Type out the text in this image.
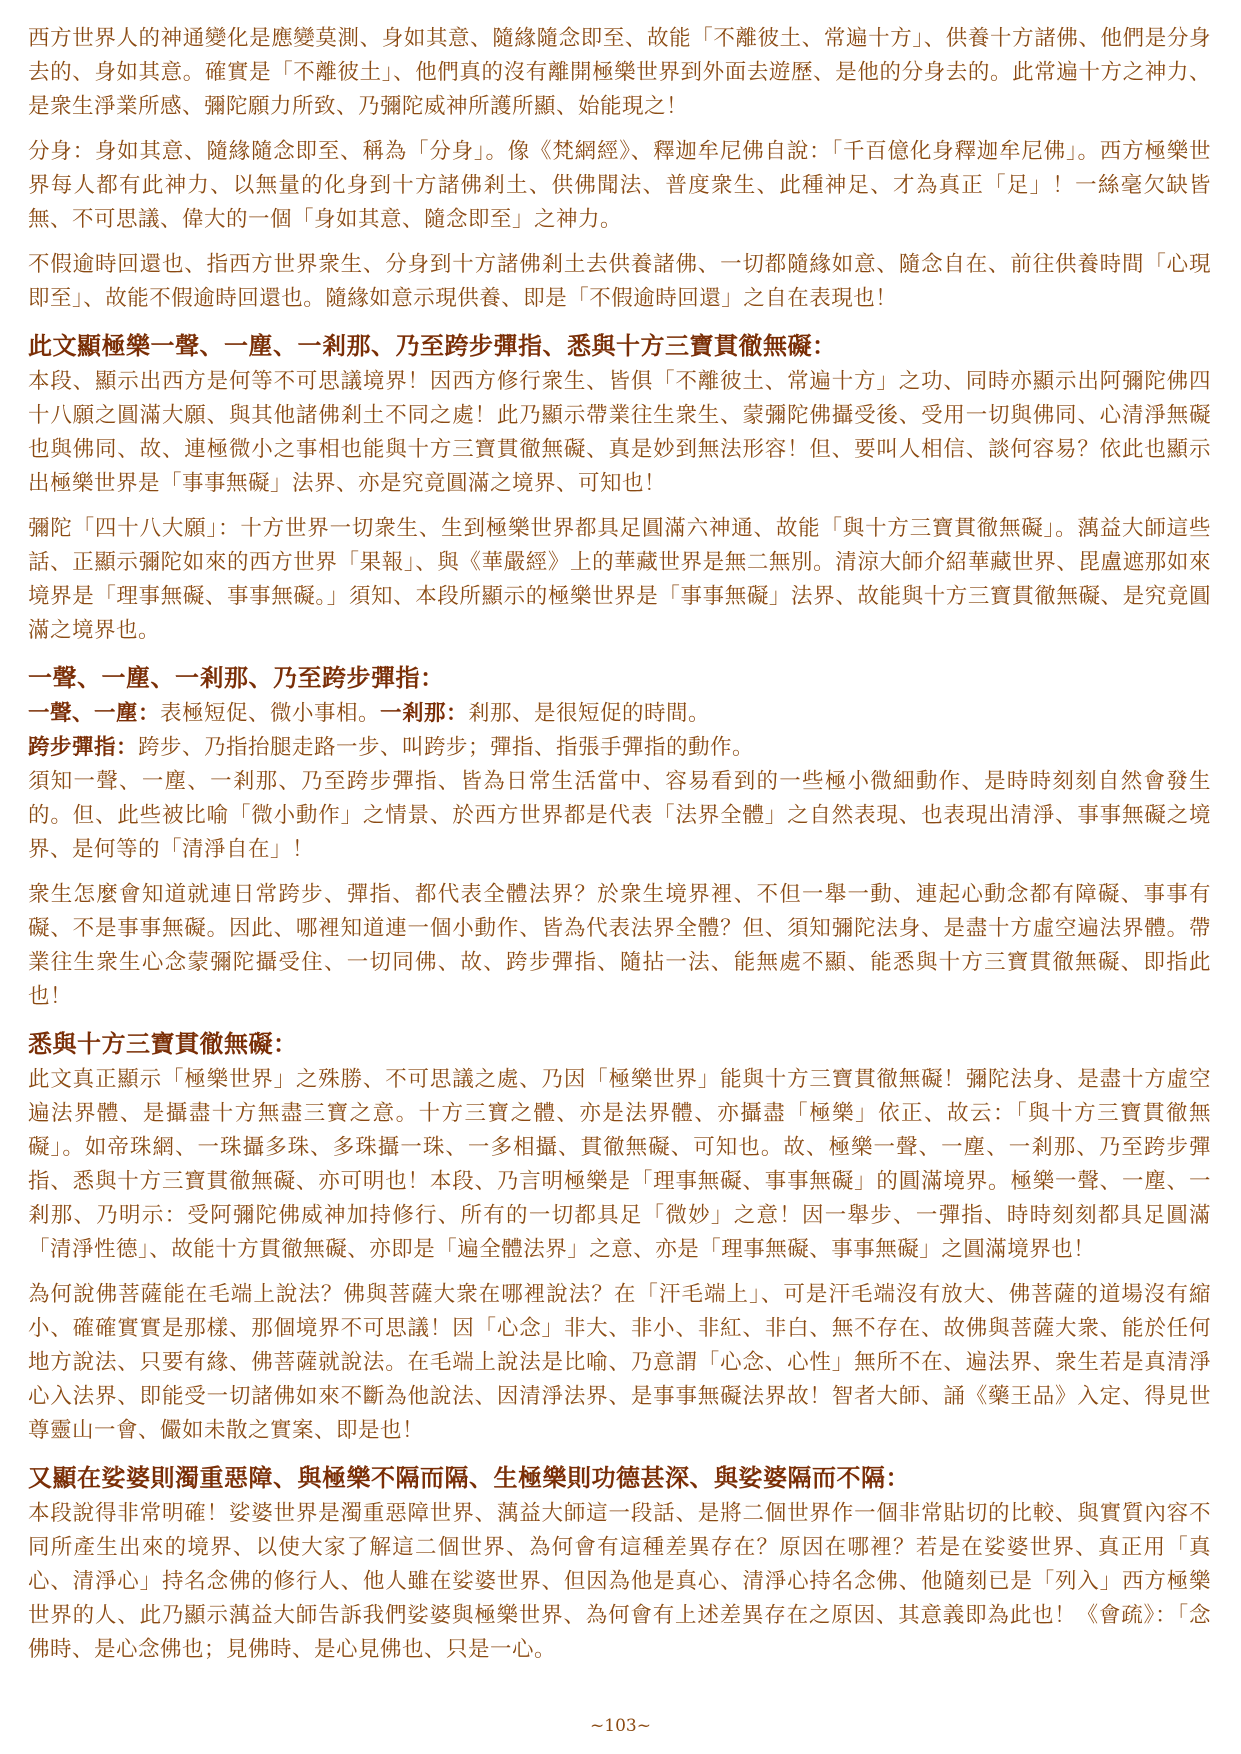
西方世界人的神通變化是應變莫測、身如其意、隨緣隨念即至、故能「不離彼土、常遍十方」、供養十方諸佛、他們是分身去的、身如其意。確實是「不離彼土」、他們真的沒有離開極樂世界到外面去遊歷、是他的分身去的。此常遍十方之神力、是衆生淨業所感、彌陀願力所致、乃彌陀威神所護所顯、始能現之！

分身：身如其意、隨緣隨念即至、稱為「分身」。像《梵網經》、釋迦牟尼佛自說：「千百億化身釋迦牟尼佛」。西方極樂世界每人都有此神力、以無量的化身到十方諸佛剎土、供佛聞法、普度衆生、此種神足、才為真正「足」！一絲毫欠缺皆無、不可思議、偉大的一個「身如其意、隨念即至」之神力。

不假逾時回還也、指西方世界衆生、分身到十方諸佛剎土去供養諸佛、一切都隨緣如意、隨念自在、前往供養時間「心現即至」、故能不假逾時回還也。隨緣如意示現供養、即是「不假逾時回還」之自在表現也！

此文顯極樂一聲、一塵、一剎那、乃至跨步彈指、悉與十方三寶貫徹無礙：

本段、顯示出西方是何等不可思議境界！因西方修行衆生、皆俱「不離彼土、常遍十方」之功、同時亦顯示出阿彌陀佛四十八願之圓滿大願、與其他諸佛剎土不同之處！此乃顯示帶業往生衆生、蒙彌陀佛攝受後、受用一切與佛同、心清淨無礙也與佛同、故、連極微小之事相也能與十方三寶貫徹無礙、真是妙到無法形容！但、要叫人相信、談何容易？依此也顯示出極樂世界是「事事無礙」法界、亦是究竟圓滿之境界、可知也！

彌陀「四十八大願」：十方世界一切衆生、生到極樂世界都具足圓滿六神通、故能「與十方三寶貫徹無礙」。蕅益大師這些話、正顯示彌陀如來的西方世界「果報」、與《華嚴經》上的華藏世界是無二無別。清涼大師介紹華藏世界、毘盧遮那如來境界是「理事無礙、事事無礙。」須知、本段所顯示的極樂世界是「事事無礙」法界、故能與十方三寶貫徹無礙、是究竟圓滿之境界也。

一聲、一塵、一剎那、乃至跨步彈指：

一聲、一塵：表極短促、微小事相。一剎那：剎那、是很短促的時間。

跨步彈指：跨步、乃指抬腿走路一步、叫跨步；彈指、指張手彈指的動作。

須知一聲、一塵、一剎那、乃至跨步彈指、皆為日常生活當中、容易看到的一些極小微細動作、是時時刻刻自然會發生的。但、此些被比喻「微小動作」之情景、於西方世界都是代表「法界全體」之自然表現、也表現出清淨、事事無礙之境界、是何等的「清淨自在」！

衆生怎麼會知道就連日常跨步、彈指、都代表全體法界？於衆生境界裡、不但一舉一動、連起心動念都有障礙、事事有礙、不是事事無礙。因此、哪裡知道連一個小動作、皆為代表法界全體？但、須知彌陀法身、是盡十方虛空遍法界體。帶業往生衆生心念蒙彌陀攝受住、一切同佛、故、跨步彈指、隨拈一法、能無處不顯、能悉與十方三寶貫徹無礙、即指此也！

悉與十方三寶貫徹無礙：

此文真正顯示「極樂世界」之殊勝、不可思議之處、乃因「極樂世界」能與十方三寶貫徹無礙！彌陀法身、是盡十方虛空遍法界體、是攝盡十方無盡三寶之意。十方三寶之體、亦是法界體、亦攝盡「極樂」依正、故云：「與十方三寶貫徹無礙」。如帝珠網、一珠攝多珠、多珠攝一珠、一多相攝、貫徹無礙、可知也。故、極樂一聲、一塵、一剎那、乃至跨步彈指、悉與十方三寶貫徹無礙、亦可明也！本段、乃言明極樂是「理事無礙、事事無礙」的圓滿境界。極樂一聲、一塵、一剎那、乃明示：受阿彌陀佛威神加持修行、所有的一切都具足「微妙」之意！因一舉步、一彈指、時時刻刻都具足圓滿「清淨性德」、故能十方貫徹無礙、亦即是「遍全體法界」之意、亦是「理事無礙、事事無礙」之圓滿境界也！

為何說佛菩薩能在毛端上說法？佛與菩薩大衆在哪裡說法？在「汗毛端上」、可是汗毛端沒有放大、佛菩薩的道場沒有縮小、確確實實是那樣、那個境界不可思議！因「心念」非大、非小、非紅、非白、無不存在、故佛與菩薩大衆、能於任何地方說法、只要有緣、佛菩薩就說法。在毛端上說法是比喻、乃意謂「心念、心性」無所不在、遍法界、衆生若是真清淨心入法界、即能受一切諸佛如來不斷為他說法、因清淨法界、是事事無礙法界故！智者大師、誦《藥王品》入定、得見世尊靈山一會、儼如未散之實案、即是也！

又顯在娑婆則濁重惡障、與極樂不隔而隔、生極樂則功德甚深、與娑婆隔而不隔：

本段說得非常明確！娑婆世界是濁重惡障世界、蕅益大師這一段話、是將二個世界作一個非常貼切的比較、與實質內容不同所產生出來的境界、以使大家了解這二個世界、為何會有這種差異存在？原因在哪裡？若是在娑婆世界、真正用「真心、清淨心」持名念佛的修行人、他人雖在娑婆世界、但因為他是真心、清淨心持名念佛、他隨刻已是「列入」西方極樂世界的人、此乃顯示蕅益大師告訴我們娑婆與極樂世界、為何會有上述差異存在之原因、其意義即為此也！《會疏》：「念佛時、是心念佛也；見佛時、是心見佛也、只是一心。

~103~
